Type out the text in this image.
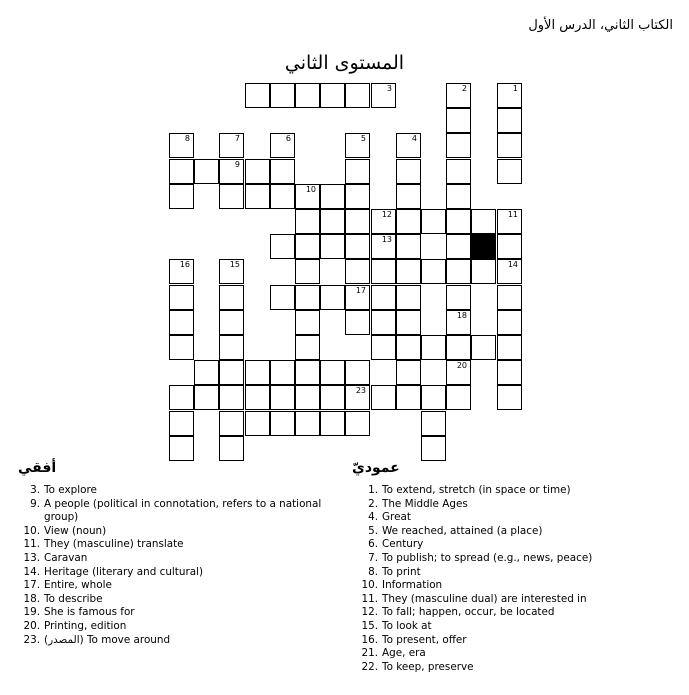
الكتاب الثاني، الدرس الأول
المستوى الثاني
3	2	1
8	7
9
6	5
17
4
10
12	11
13
18
20
14
16	15
23
أفقي
3. To explore
9. A people (political in connotation, refers to a national group)
10. View (noun)
11. They (masculine) translate
13. Caravan
14. Heritage (literary and cultural)
17. Entire, whole
18. To describe
19. She is famous for
20. Printing, edition
23. (المصدر) To move around
عموديّ
1. To extend, stretch (in space or time)
2. The Middle Ages
4. Great
5. We reached, attained (a place)
6. Century
7. To publish; to spread (e.g., news, peace)
8. To print
10. Information
11. They (masculine dual) are interested in
12. To fall; happen, occur, be located
15. To look at
16. To present, offer
21. Age, era
22. To keep, preserve
